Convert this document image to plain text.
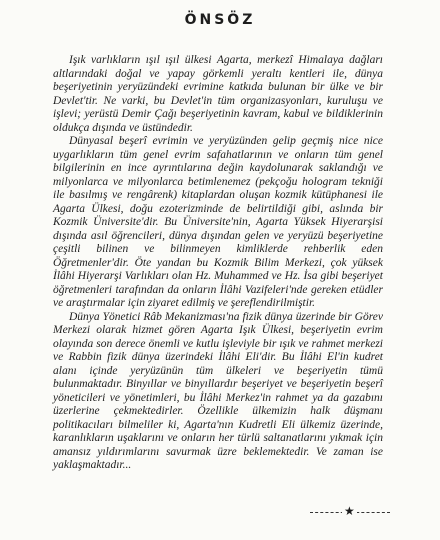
ÖNSÖZ

Işık varlıkların ışıl ışıl ülkesi Agarta, merkezî Himalaya dağları altlarındaki doğal ve yapay görkemli yeraltı kentleri ile, dünya beşeriyetinin yeryüzündeki evrimine katkıda bulunan bir ülke ve bir Devlet'tir. Ne varki, bu Devlet'in tüm organizasyonları, kuruluşu ve işlevi; yerüstü Demir Çağı beşeriyetinin kavram, kabul ve bildiklerinin oldukça dışında ve üstündedir.

Dünyasal beşerî evrimin ve yeryüzünden gelip geçmiş nice nice uygarlıkların tüm genel evrim safahatlarının ve onların tüm genel bilgilerinin en ince ayrıntılarına değin kaydolunarak saklandığı ve milyonlarca ve milyonlarca betimlenemez (pekçoğu hologram tekniği ile basılmış ve rengârenk) kitaplardan oluşan kozmik kütüphanesi ile Agarta Ülkesi, doğu ezoterizminde de belirtildiği gibi, aslında bir Kozmik Üniversite'dir. Bu Üniversite'nin, Agarta Yüksek Hiyerarşisi dışında asıl öğrencileri, dünya dışından gelen ve yeryüzü beşeriyetine çeşitli bilinen ve bilinmeyen kimliklerde rehberlik eden Öğretmenler'dir. Öte yandan bu Kozmik Bilim Merkezi, çok yüksek İlâhi Hiyerarşi Varlıkları olan Hz. Muhammed ve Hz. İsa gibi beşeriyet öğretmenleri tarafından da onların İlâhi Vazifeleri'nde gereken etüdler ve araştırmalar için ziyaret edilmiş ve şereflendirilmiştir.

Dünya Yönetici Râb Mekanizması'na fizik dünya üzerinde bir Görev Merkezi olarak hizmet gören Agarta Işık Ülkesi, beşeriyetin evrim olayında son derece önemli ve kutlu işleviyle bir ışık ve rahmet merkezi ve Rabbin fizik dünya üzerindeki İlâhi Eli'dir. Bu İlâhi El'in kudret alanı içinde yeryüzünün tüm ülkeleri ve beşeriyetin tümü bulunmaktadır. Binyıllar ve binyıllardır beşeriyet ve beşeriyetin beşerî yöneticileri ve yönetimleri, bu İlâhi Merkez'in rahmet ya da gazabını üzerlerine çekmektedirler. Özellikle ülkemizin halk düşmanı politikacıları bilmeliler ki, Agarta'nın Kudretli Eli ülkemiz üzerinde, karanlıkların uşaklarını ve onların her türlü saltanatlarını yıkmak için amansız yıldırımlarını savurmak üzre beklemektedir. Ve zaman ise yaklaşmaktadır...

★
